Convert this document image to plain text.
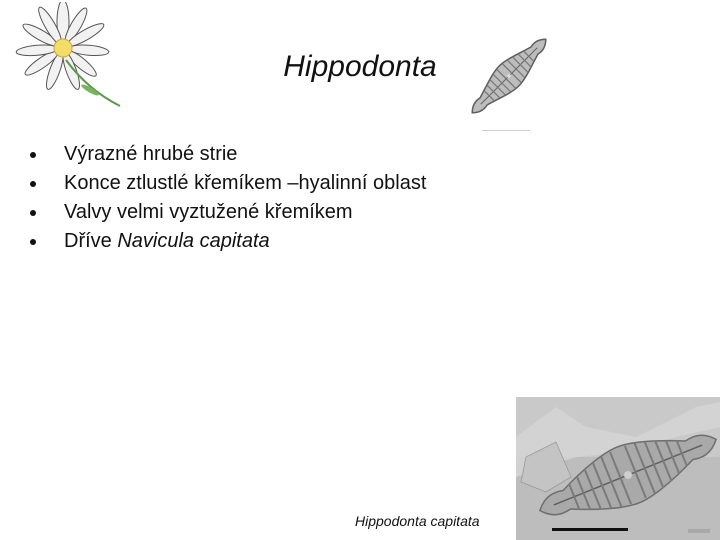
Hippodonta
Výrazné hrubé strie
Konce ztlustlé křemíkem –hyalinní oblast
Valvy velmi vyztužené křemíkem
Dříve Navicula capitata
Hippodonta capitata
